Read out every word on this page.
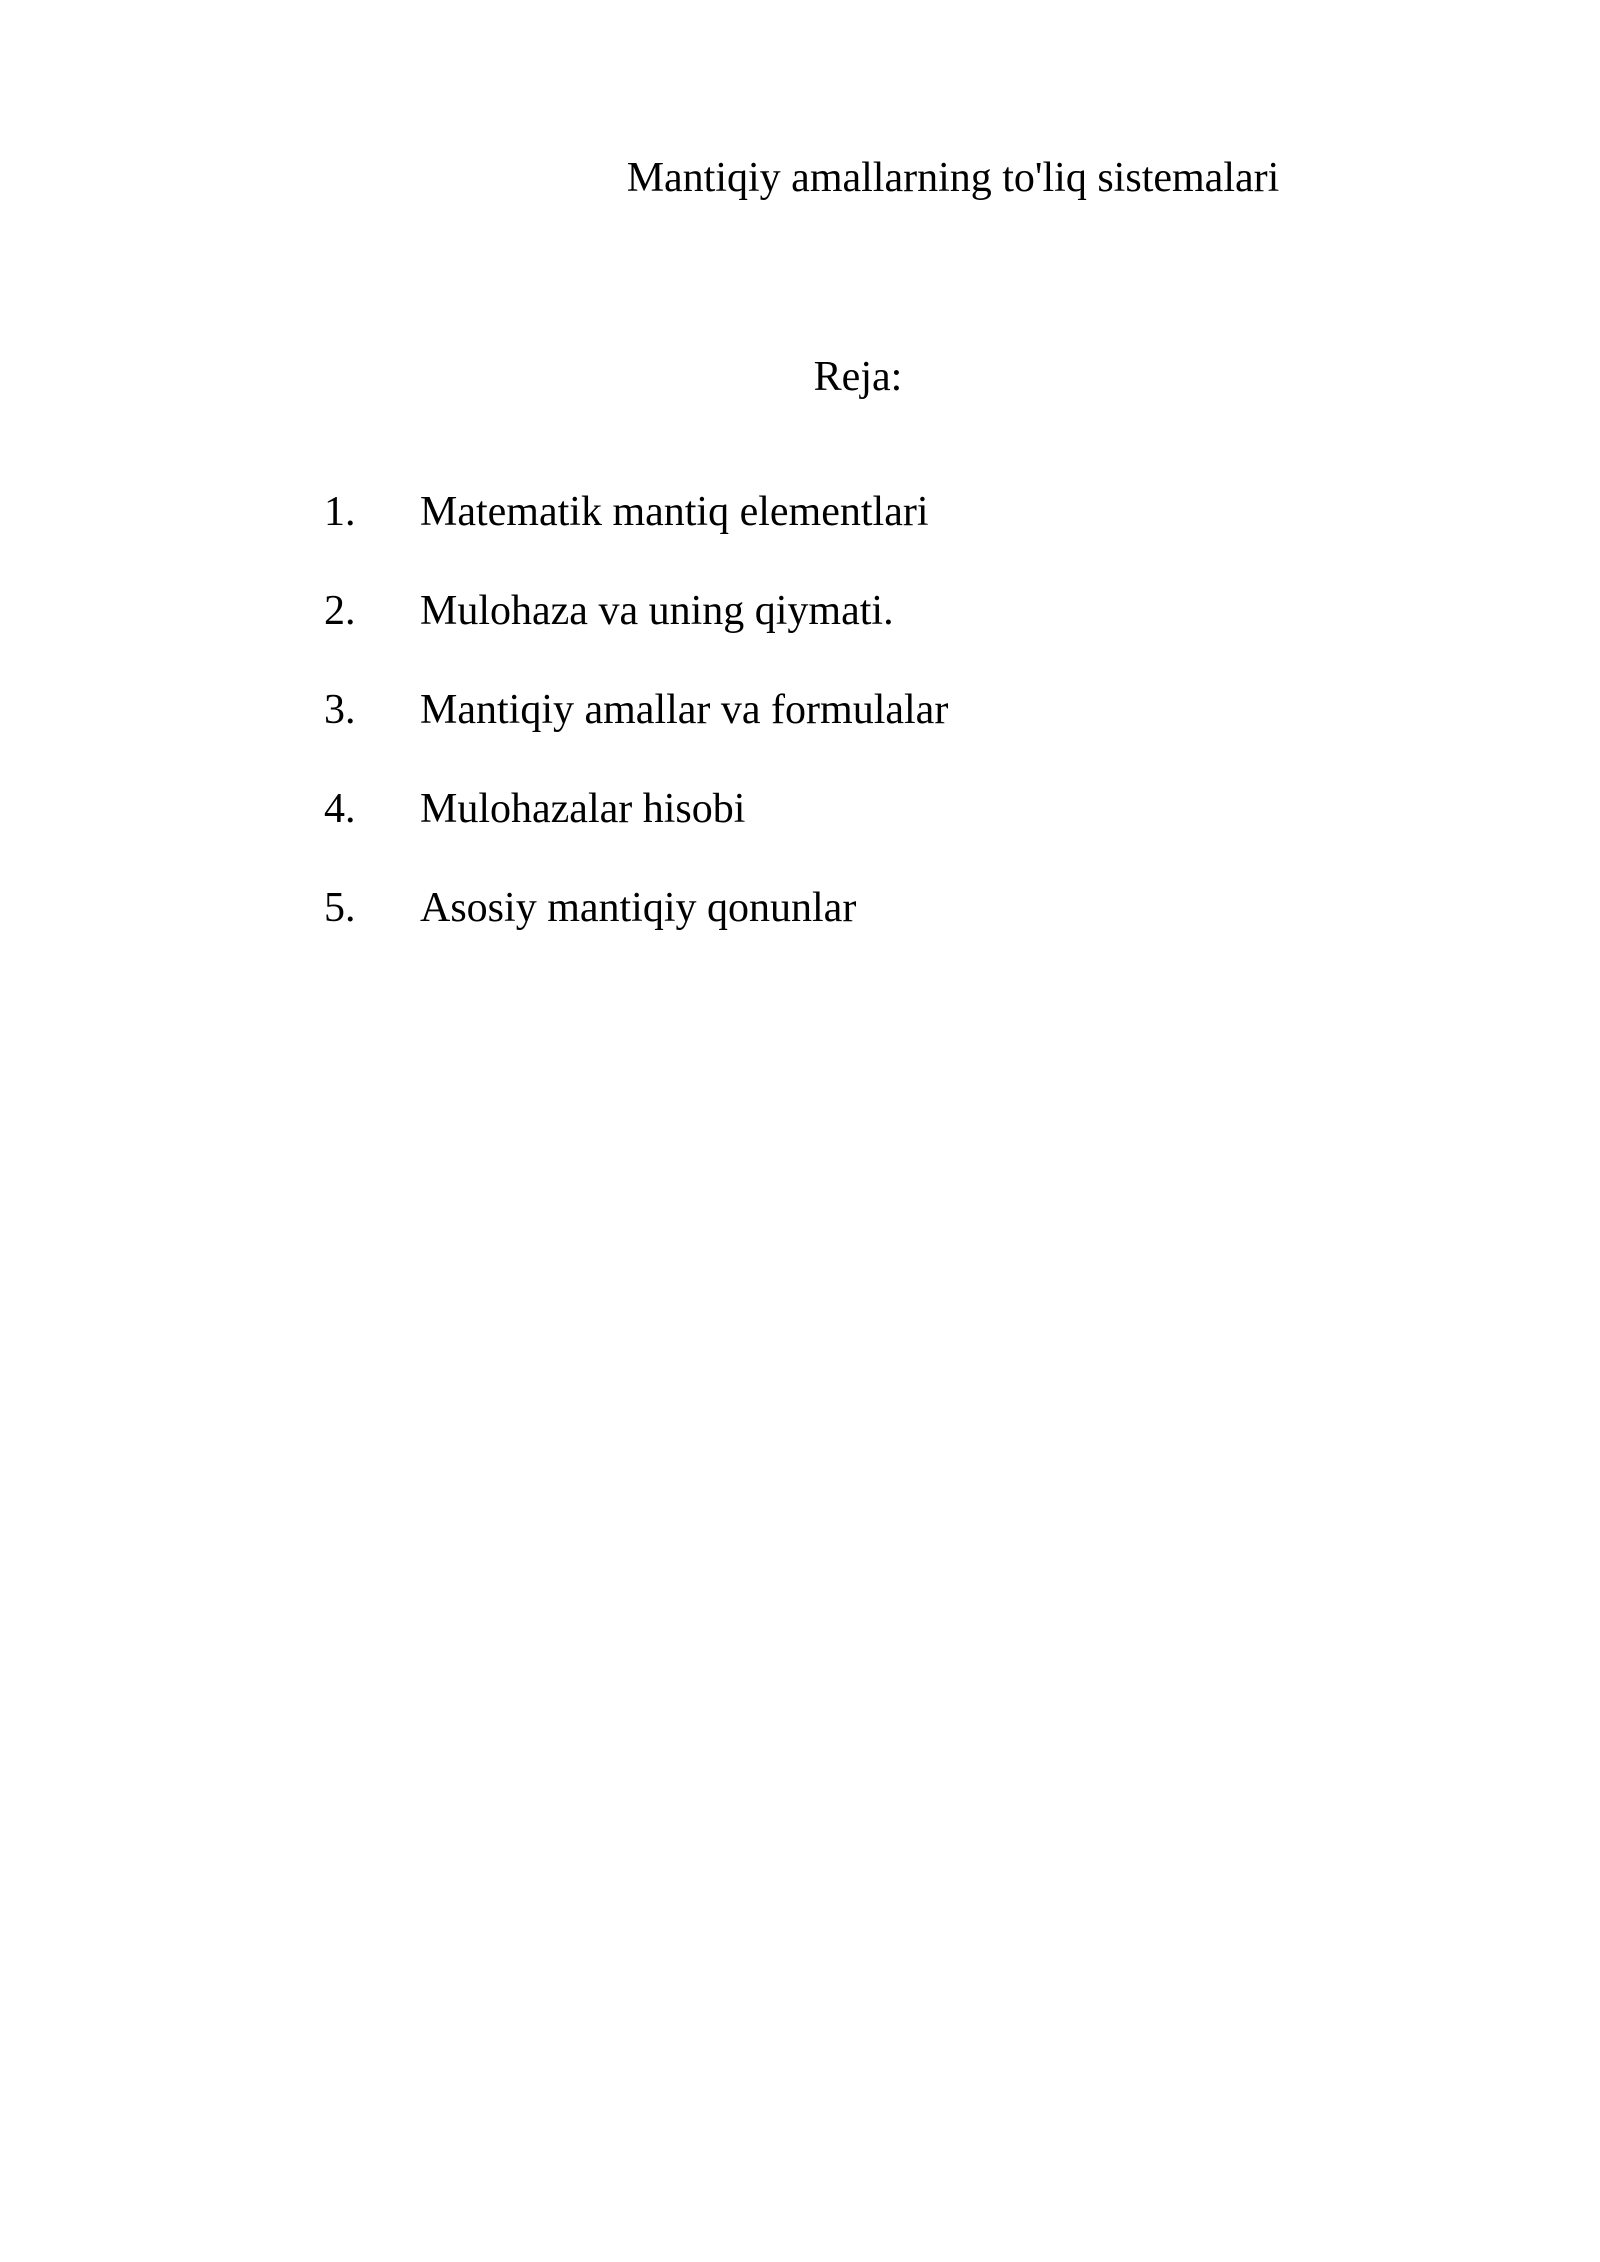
Mantiqiy amallarning to'liq sistemalari
Reja:
1. Matematik mantiq elementlari
2. Mulohaza va uning qiymati.
3. Mantiqiy amallar va formulalar
4. Mulohazalar hisobi
5. Asosiy mantiqiy qonunlar
